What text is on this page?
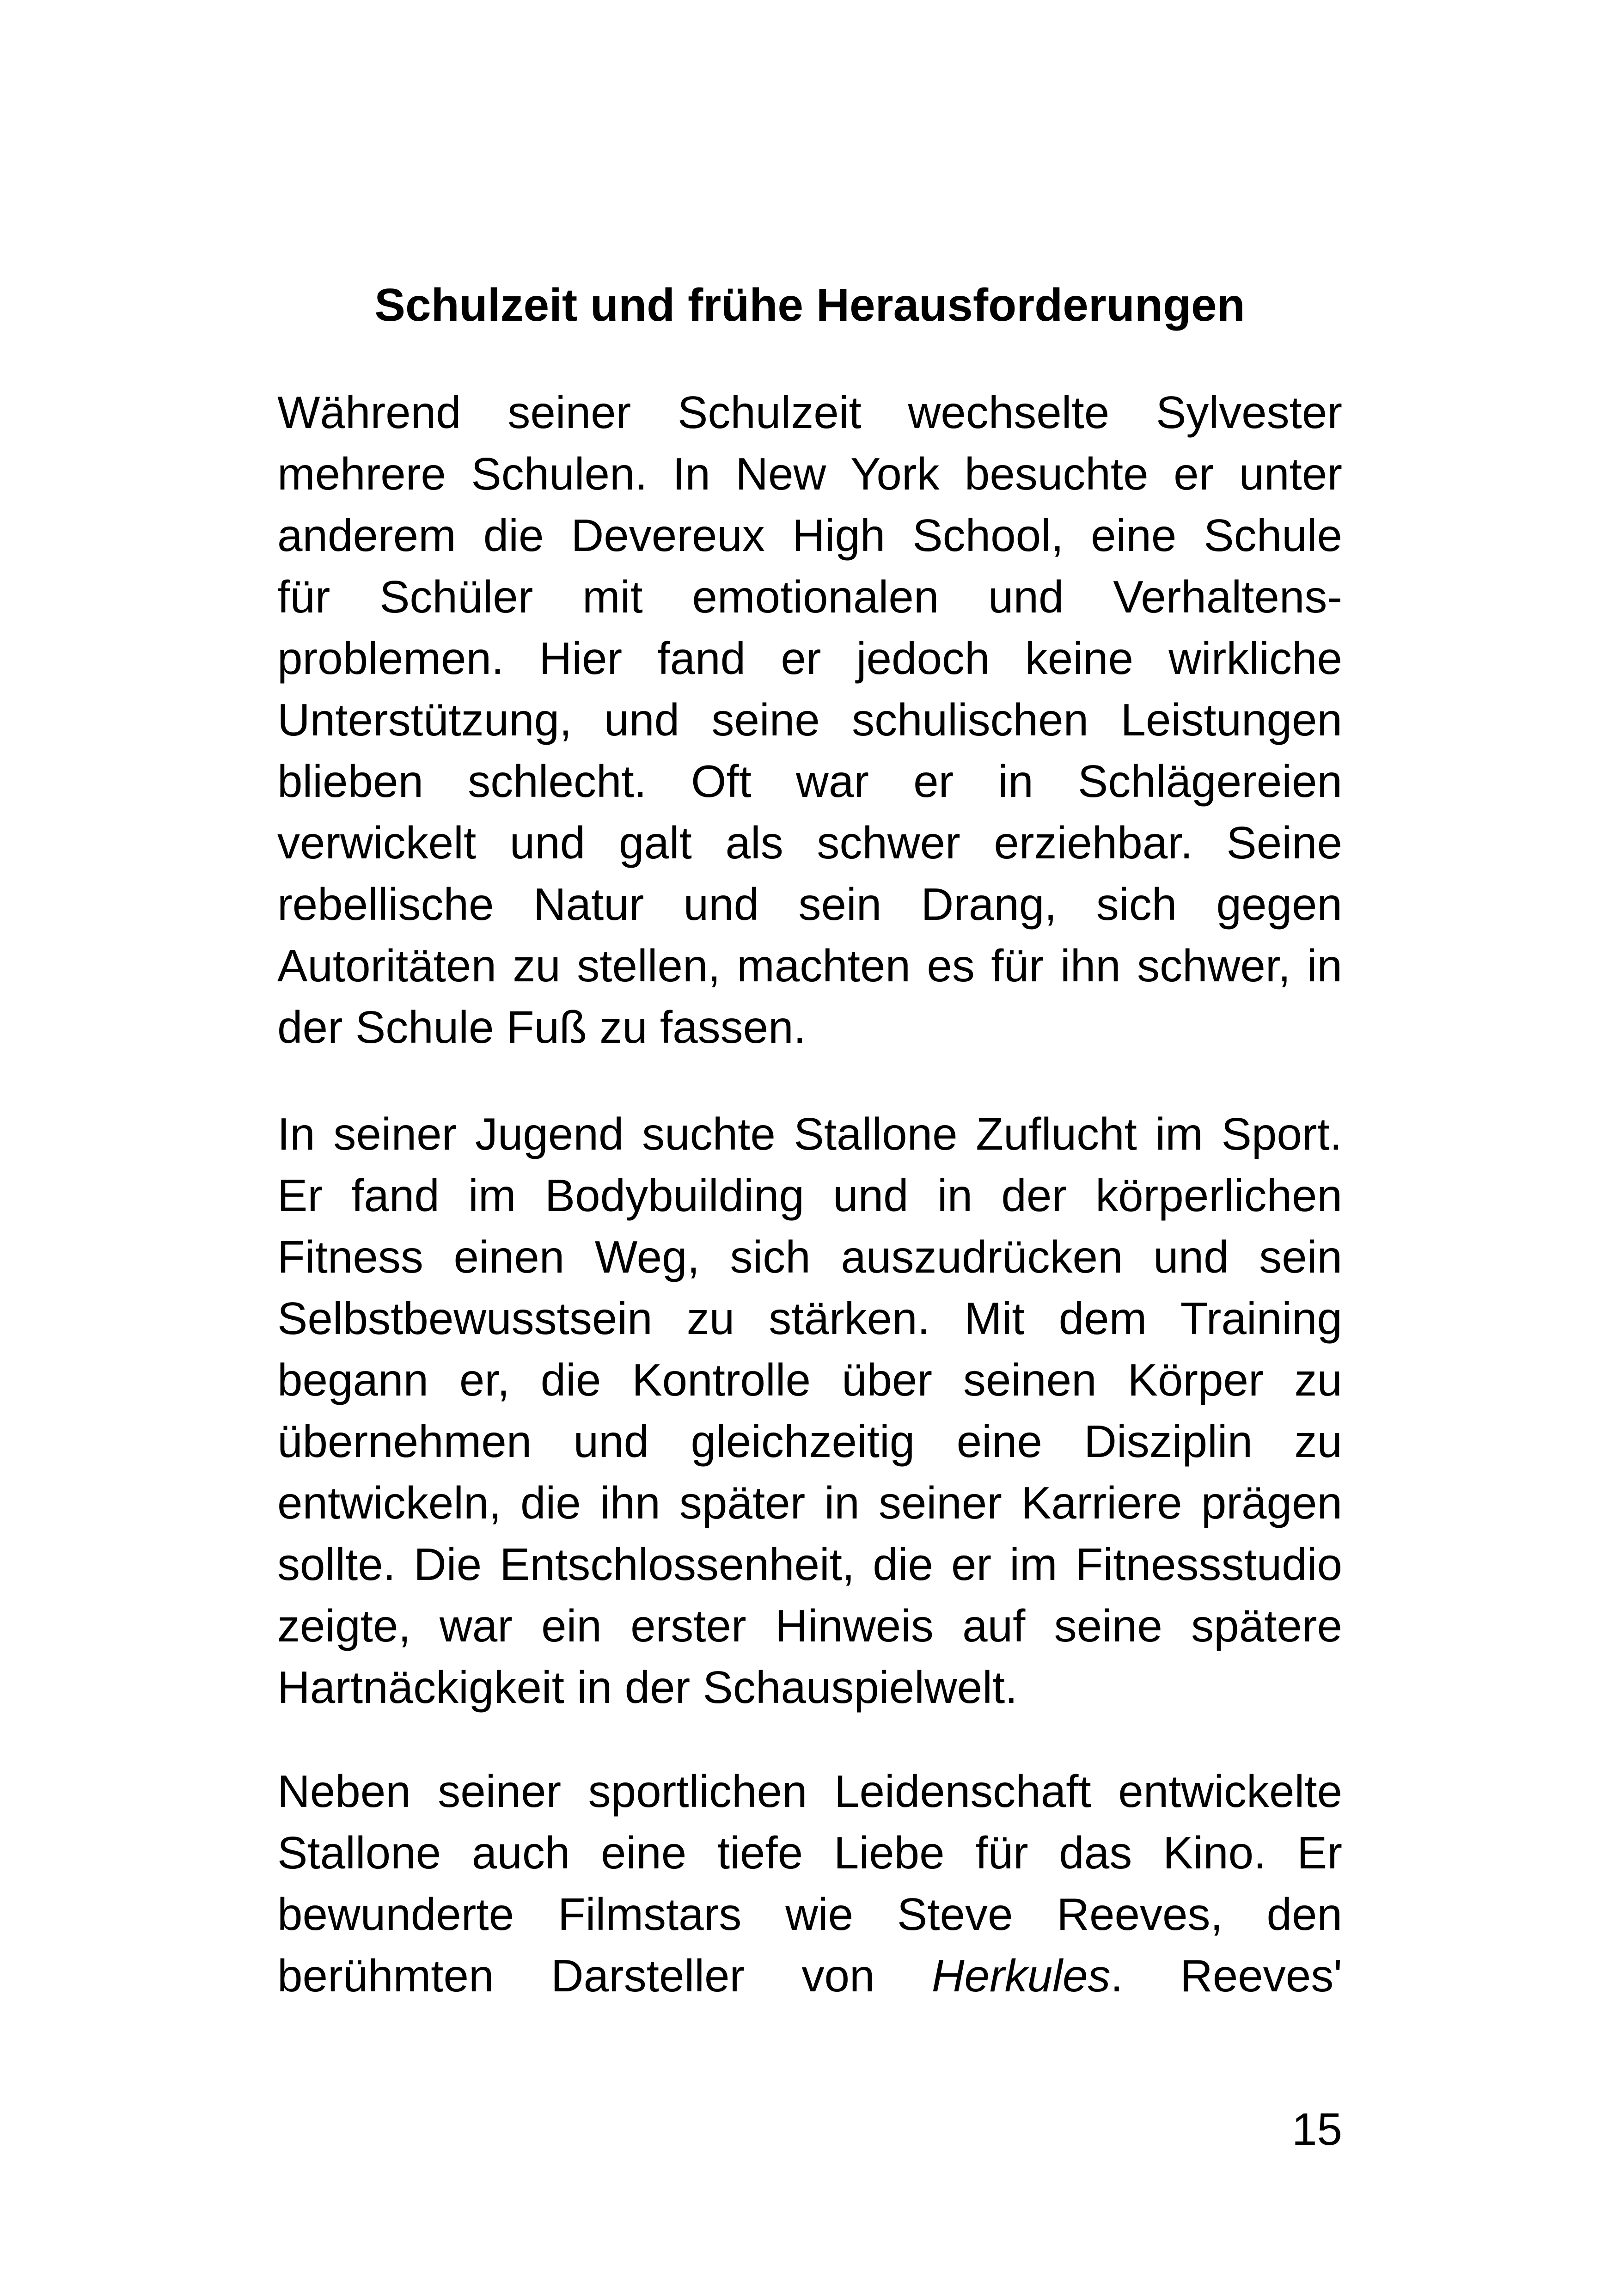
Schulzeit und frühe Herausforderungen

Während seiner Schulzeit wechselte Sylvester
mehrere Schulen. In New York besuchte er unter
anderem die Devereux High School, eine Schule
für Schüler mit emotionalen und Verhaltens-
problemen. Hier fand er jedoch keine wirkliche
Unterstützung, und seine schulischen Leistungen
blieben schlecht. Oft war er in Schlägereien
verwickelt und galt als schwer erziehbar. Seine
rebellische Natur und sein Drang, sich gegen
Autoritäten zu stellen, machten es für ihn schwer, in
der Schule Fuß zu fassen.

In seiner Jugend suchte Stallone Zuflucht im Sport.
Er fand im Bodybuilding und in der körperlichen
Fitness einen Weg, sich auszudrücken und sein
Selbstbewusstsein zu stärken. Mit dem Training
begann er, die Kontrolle über seinen Körper zu
übernehmen und gleichzeitig eine Disziplin zu
entwickeln, die ihn später in seiner Karriere prägen
sollte. Die Entschlossenheit, die er im Fitnessstudio
zeigte, war ein erster Hinweis auf seine spätere
Hartnäckigkeit in der Schauspielwelt.

Neben seiner sportlichen Leidenschaft entwickelte
Stallone auch eine tiefe Liebe für das Kino. Er
bewunderte Filmstars wie Steve Reeves, den
berühmten Darsteller von Herkules. Reeves'

15
